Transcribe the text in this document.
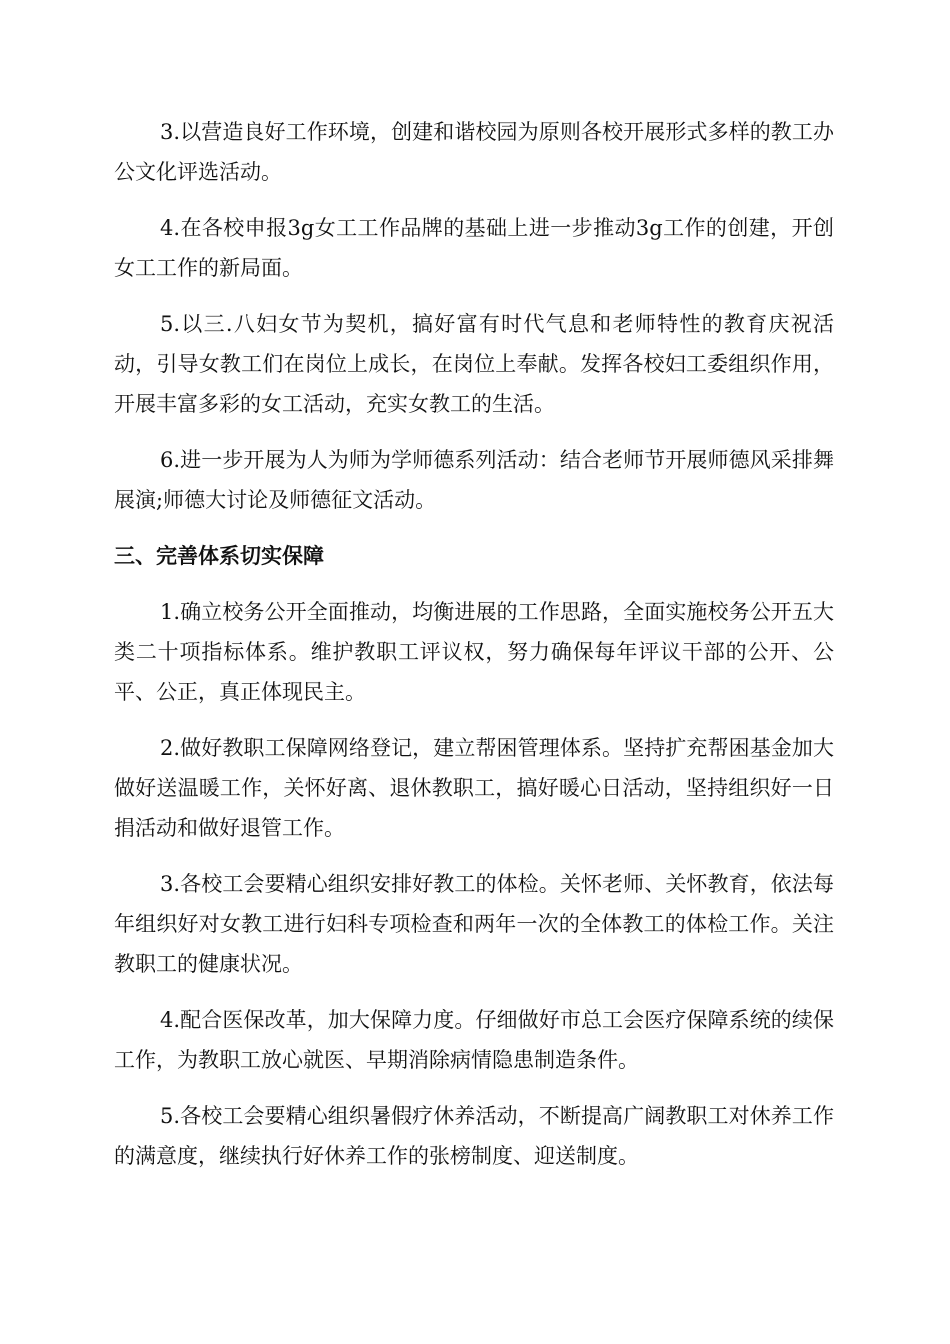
3.以营造良好工作环境，创建和谐校园为原则各校开展形式多样的教工办公文化评选活动。

4.在各校申报3g女工工作品牌的基础上进一步推动3g工作的创建，开创女工工作的新局面。

5.以三.八妇女节为契机，搞好富有时代气息和老师特性的教育庆祝活动，引导女教工们在岗位上成长，在岗位上奉献。发挥各校妇工委组织作用，开展丰富多彩的女工活动，充实女教工的生活。

6.进一步开展为人为师为学师德系列活动：结合老师节开展师德风采排舞展演;师德大讨论及师德征文活动。

三、完善体系切实保障

1.确立校务公开全面推动，均衡进展的工作思路，全面实施校务公开五大类二十项指标体系。维护教职工评议权，努力确保每年评议干部的公开、公平、公正，真正体现民主。

2.做好教职工保障网络登记，建立帮困管理体系。坚持扩充帮困基金加大做好送温暖工作，关怀好离、退休教职工，搞好暖心日活动，坚持组织好一日捐活动和做好退管工作。

3.各校工会要精心组织安排好教工的体检。关怀老师、关怀教育，依法每年组织好对女教工进行妇科专项检查和两年一次的全体教工的体检工作。关注教职工的健康状况。

4.配合医保改革，加大保障力度。仔细做好市总工会医疗保障系统的续保工作，为教职工放心就医、早期消除病情隐患制造条件。

5.各校工会要精心组织暑假疗休养活动，不断提高广阔教职工对休养工作的满意度，继续执行好休养工作的张榜制度、迎送制度。
